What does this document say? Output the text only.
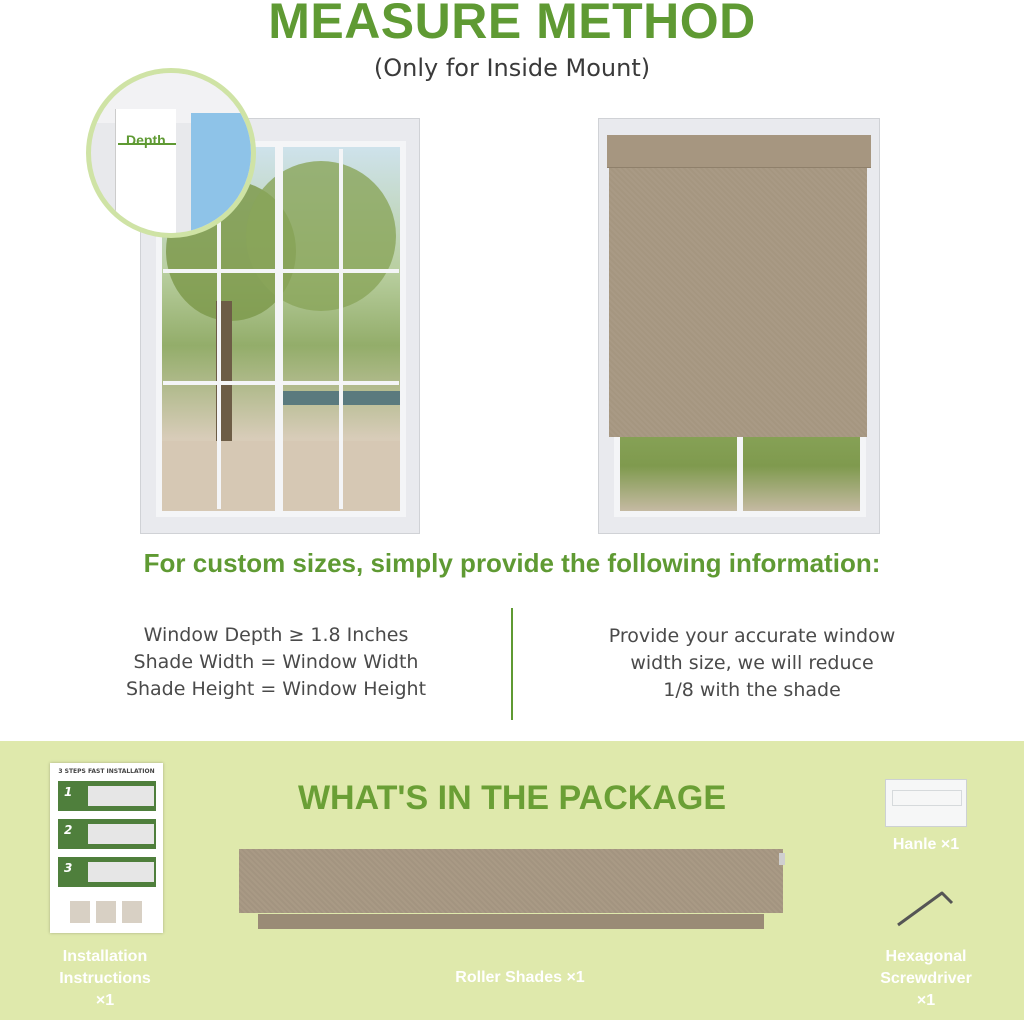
MEASURE METHOD
(Only for Inside Mount)
Depth
For custom sizes, simply provide the following information:
Window Depth ≥ 1.8 Inches
Shade Width = Window Width
Shade Height = Window Height
Provide your accurate window
width size, we will reduce
1/8 with the shade
WHAT'S IN THE PACKAGE
3 STEPS FAST INSTALLATION
1
2
3
Installation
Instructions
×1
Roller Shades ×1
Hanle ×1
Hexagonal
Screwdriver
×1
